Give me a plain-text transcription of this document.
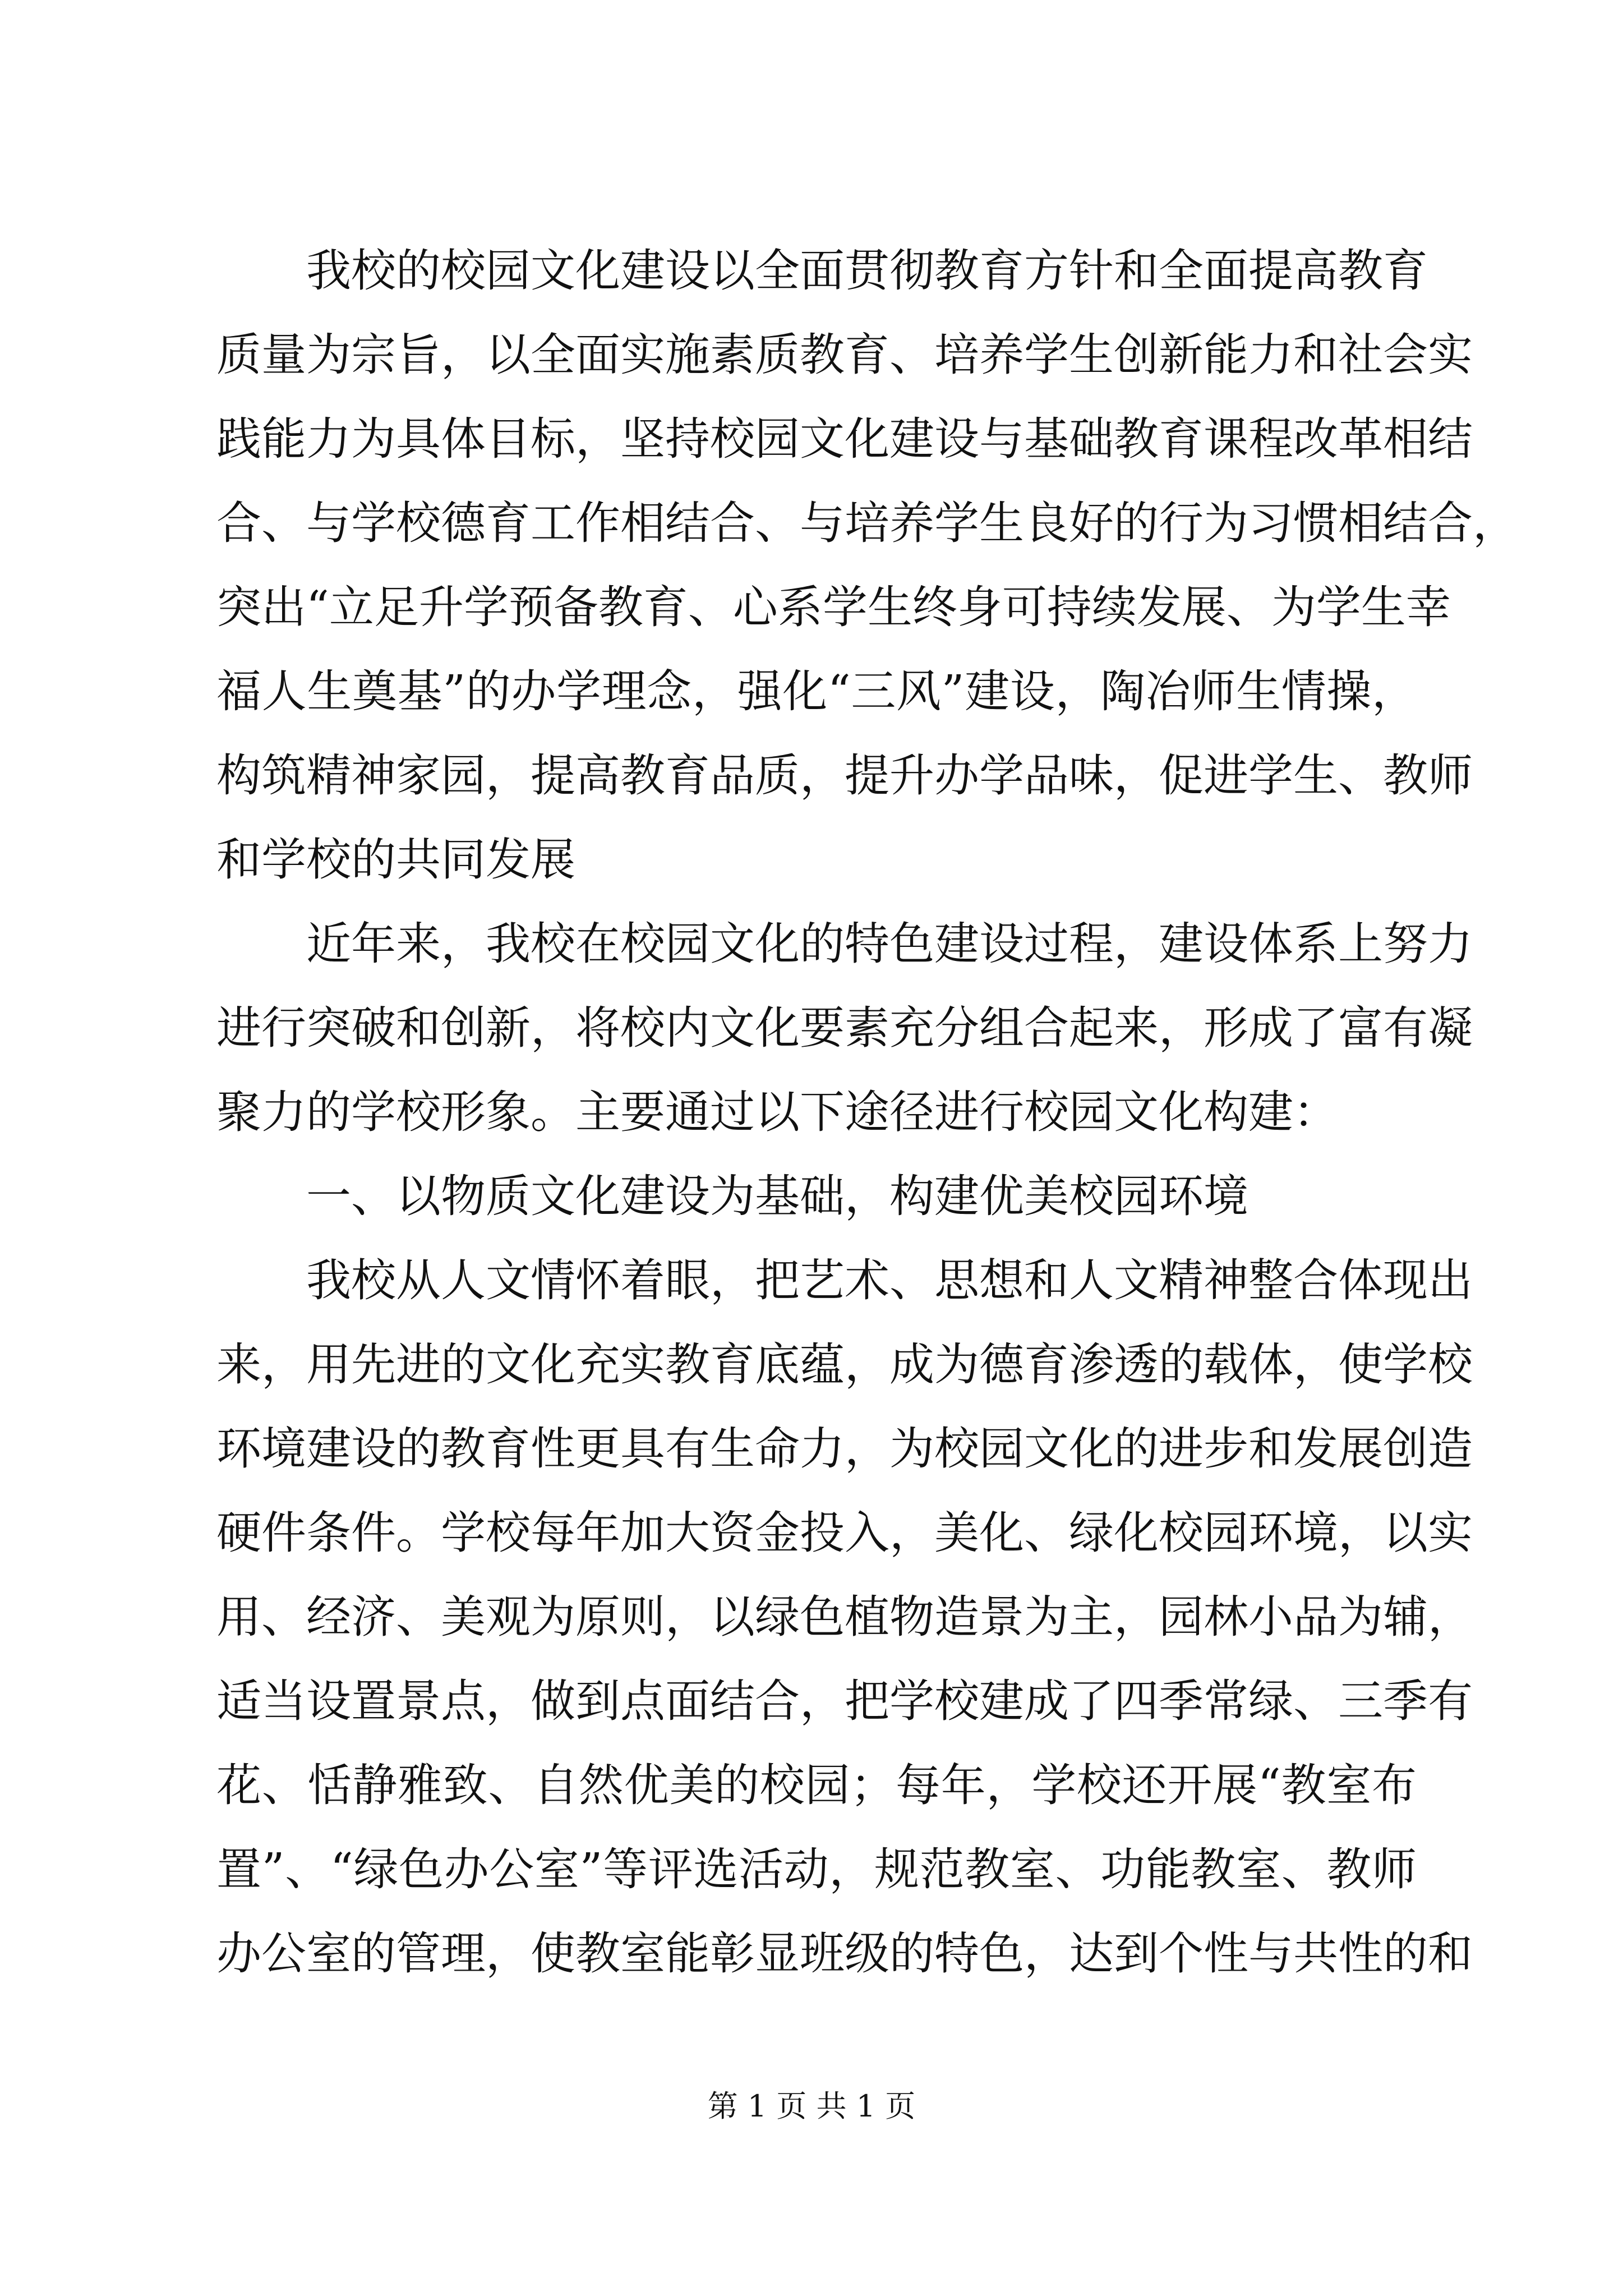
我校的校园文化建设以全面贯彻教育方针和全面提高教育
质量为宗旨，以全面实施素质教育、培养学生创新能力和社会实
践能力为具体目标，坚持校园文化建设与基础教育课程改革相结
合、与学校德育工作相结合、与培养学生良好的行为习惯相结合，
突出“立足升学预备教育、心系学生终身可持续发展、为学生幸
福人生奠基”的办学理念，强化“三风”建设，陶冶师生情操，
构筑精神家园，提高教育品质，提升办学品味，促进学生、教师
和学校的共同发展
近年来，我校在校园文化的特色建设过程，建设体系上努力
进行突破和创新，将校内文化要素充分组合起来，形成了富有凝
聚力的学校形象。主要通过以下途径进行校园文化构建：
一、以物质文化建设为基础，构建优美校园环境
我校从人文情怀着眼，把艺术、思想和人文精神整合体现出
来，用先进的文化充实教育底蕴，成为德育渗透的载体，使学校
环境建设的教育性更具有生命力，为校园文化的进步和发展创造
硬件条件。学校每年加大资金投入，美化、绿化校园环境，以实
用、经济、美观为原则，以绿色植物造景为主，园林小品为辅，
适当设置景点，做到点面结合，把学校建成了四季常绿、三季有
花、恬静雅致、自然优美的校园；每年，学校还开展“教室布
置”、“绿色办公室”等评选活动，规范教室、功能教室、教师
办公室的管理，使教室能彰显班级的特色，达到个性与共性的和
第 1 页 共 1 页
